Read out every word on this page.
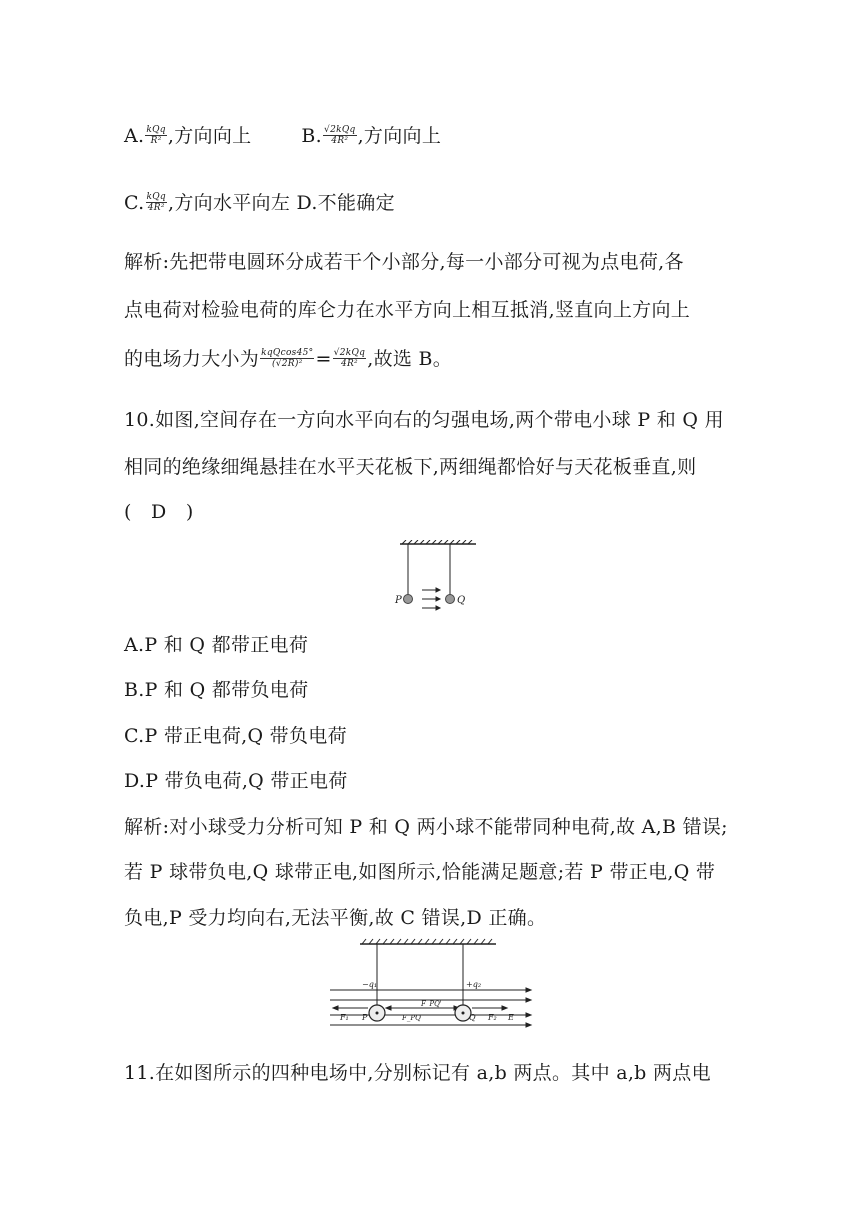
A. $\frac{\text{kQq}}{\text{R²}}$ ,方向向上	B. $\frac{\text{√2kQq}}{\text{4R²}}$ ,方向向上
C. $\frac{\text{kQq}}{\text{4R²}}$ ,方向水平向左 D.不能确定
解析:先把带电圆环分成若干个小部分,每一小部分可视为点电荷,各
点电荷对检验电荷的库仑力在水平方向上相互抵消,竖直向上方向上
的电场力大小为 $\frac{\text{kqQcos45°}}{\text{(√2R)²}} = \frac{\text{√2kQq}}{\text{4R²}}$ ,故选 B。
10.如图,空间存在一方向水平向右的匀强电场,两个带电小球 P 和 Q 用
相同的绝缘细绳悬挂在水平天花板下,两细绳都恰好与天花板垂直,则
(　D　)
P	Q
A.P 和 Q 都带正电荷
B.P 和 Q 都带负电荷
C.P 带正电荷,Q 带负电荷
D.P 带负电荷,Q 带正电荷
解析:对小球受力分析可知 P 和 Q 两小球不能带同种电荷,故 A,B 错误;
若 P 球带负电,Q 球带正电,如图所示,恰能满足题意;若 P 带正电,Q 带
负电,P 受力均向右,无法平衡,故 C 错误,D 正确。
−q₁	+q₂
F₁ P	F_PQ
F_PQ'
Q F₂ E
11.在如图所示的四种电场中,分别标记有 a,b 两点。其中 a,b 两点电
